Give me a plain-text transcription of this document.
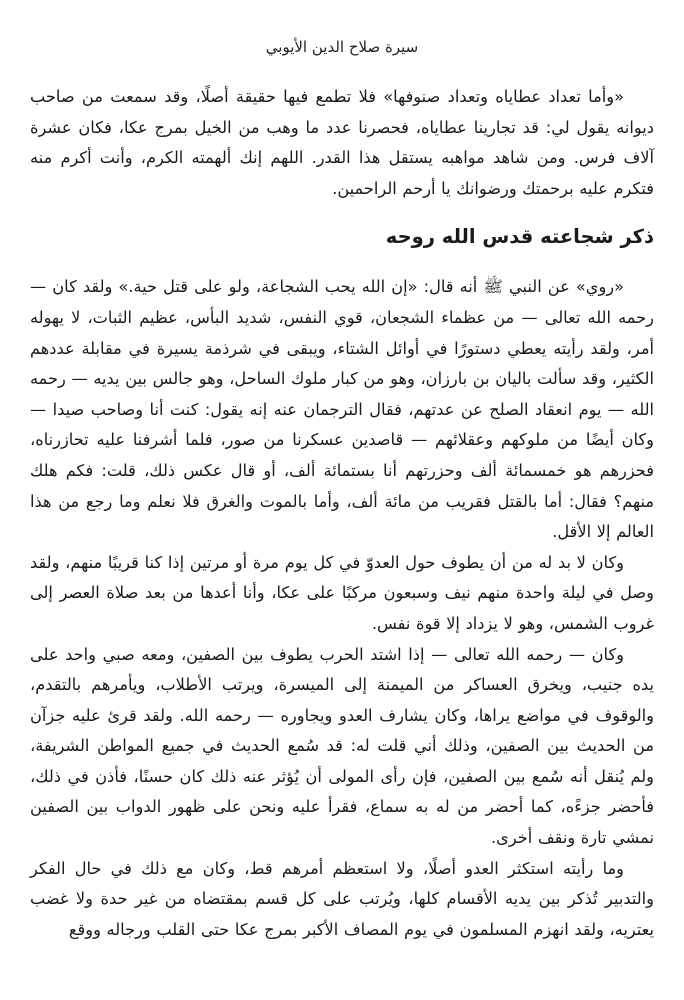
سيرة صلاح الدين الأيوبي

«وأما تعداد عطاياه وتعداد صنوفها» فلا تطمع فيها حقيقة أصلًا، وقد سمعت من صاحب ديوانه يقول لي: قد تجارينا عطاياه، فحصرنا عدد ما وهب من الخيل بمرج عكا، فكان عشرة آلاف فرس. ومن شاهد مواهبه يستقل هذا القدر. اللهم إنك ألهمته الكرم، وأنت أكرم منه فتكرم عليه برحمتك ورضوانك يا أرحم الراحمين.

ذكر شجاعته قدس الله روحه

«روي» عن النبي ﷺ أنه قال: «إن الله يحب الشجاعة، ولو على قتل حية.» ولقد كان — رحمه الله تعالى — من عظماء الشجعان، قوي النفس، شديد البأس، عظيم الثبات، لا يهوله أمر، ولقد رأيته يعطي دستورًا في أوائل الشتاء، ويبقى في شرذمة يسيرة في مقابلة عددهم الكثير، وقد سألت باليان بن بارزان، وهو من كبار ملوك الساحل، وهو جالس بين يديه — رحمه الله — يوم انعقاد الصلح عن عدتهم، فقال الترجمان عنه إنه يقول: كنت أنا وصاحب صيدا — وكان أيضًا من ملوكهم وعقلائهم — قاصدين عسكرنا من صور، فلما أشرفنا عليه تحازرناه، فحزرهم هو خمسمائة ألف وحزرتهم أنا بستمائة ألف، أو قال عكس ذلك، قلت: فكم هلك منهم؟ فقال: أما بالقتل فقريب من مائة ألف، وأما بالموت والغرق فلا نعلم وما رجع من هذا العالم إلا الأقل.

وكان لا بد له من أن يطوف حول العدوّ في كل يوم مرة أو مرتين إذا كنا قريبًا منهم، ولقد وصل في ليلة واحدة منهم نيف وسبعون مركبًا على عكا، وأنا أعدها من بعد صلاة العصر إلى غروب الشمس، وهو لا يزداد إلا قوة نفس.

وكان — رحمه الله تعالى — إذا اشتد الحرب يطوف بين الصفين، ومعه صبي واحد على يده جنيب، ويخرق العساكر من الميمنة إلى الميسرة، ويرتب الأطلاب، ويأمرهم بالتقدم، والوقوف في مواضع يراها، وكان يشارف العدو ويجاوره — رحمه الله. ولقد قرئ عليه جزآن من الحديث بين الصفين، وذلك أني قلت له: قد سُمع الحديث في جميع المواطن الشريفة، ولم يُنقل أنه سُمع بين الصفين، فإن رأى المولى أن يُؤثر عنه ذلك كان حسنًا، فأذن في ذلك، فأحضر جزءًه، كما أحضر من له به سماع، فقرأ عليه ونحن على ظهور الدواب بين الصفين نمشي تارة ونقف أخرى.

وما رأيته استكثر العدو أصلًا، ولا استعظم أمرهم قط، وكان مع ذلك في حال الفكر والتدبير تُذكر بين يديه الأقسام كلها، ويُرتب على كل قسم بمقتضاه من غير حدة ولا غضب يعتريه، ولقد انهزم المسلمون في يوم المصاف الأكبر بمرج عكا حتى القلب ورجاله ووقع
